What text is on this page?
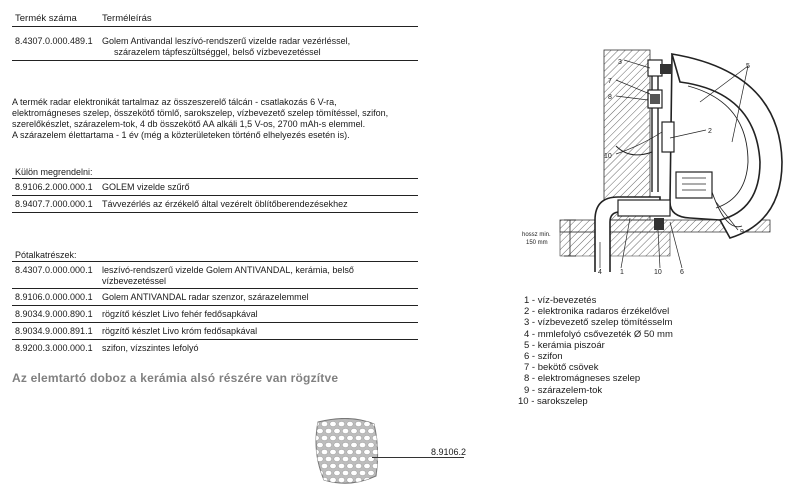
Termék száma	Terméleírás
8.4307.0.000.489.1	Golem Antivandal leszívó-rendszerű vizelde radar vezérléssel,
szárazelem tápfeszültséggel, belső vízbevezetéssel
A termék radar elektronikát tartalmaz az összeszerelő tálcán - csatlakozás 6 V-ra,
elektromágneses szelep, összekötő tömlő, sarokszelep, vízbevezető szelep tömítéssel, szifon,
szerelőkészlet, szárazelem-tok, 4 db összekötő AA alkáli 1,5 V-os, 2700 mAh-s elemmel.
A szárazelem élettartama - 1 év (még a közterületeken történő elhelyezés esetén is).
Külön megrendelni:
8.9106.2.000.000.1	GOLEM vizelde szűrő
8.9407.7.000.000.1	Távvezérlés az érzékelő által vezérelt öblítőberendezésekhez
Pótalkatrészek:
8.4307.0.000.000.1	leszívó-rendszerű vizelde Golem ANTIVANDAL, kerámia, belső
vízbevezetéssel
8.9106.0.000.000.1	Golem ANTIVANDAL radar szenzor, szárazelemmel
8.9034.9.000.890.1	rögzítő készlet Livo fehér fedősapkával
8.9034.9.000.891.1	rögzítő készlet Livo króm fedősapkával
8.9200.3.000.000.1	szifon, vízszintes lefolyó
Az elemtartó doboz a kerámia alsó részére van rögzítve
8.9106.2
hossz min.
150 mm
3
7
8
10
5
2
9
4	1	10	6
1 - víz-bevezetés
2 - elektronika radaros érzékelővel
3 - vízbevezető szelep tömítésselm
4 - mmlefolyó csővezeték Ø 50 mm
5 - kerámia piszoár
6 - szifon
7 - bekötő csövek
8 - elektromágneses szelep
9 - szárazelem-tok
10 - sarokszelep
